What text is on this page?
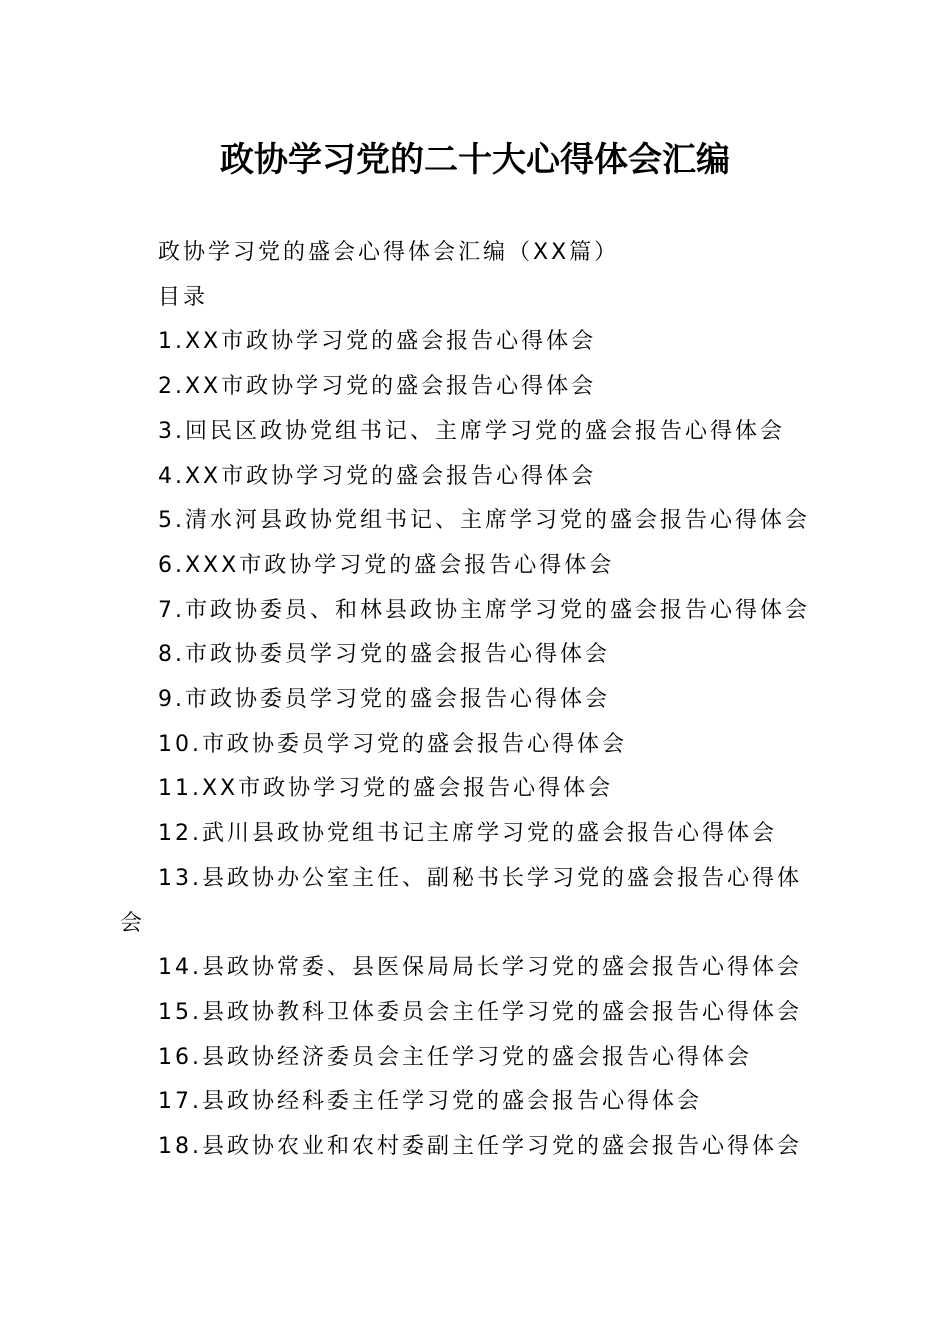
政协学习党的二十大心得体会汇编

政协学习党的盛会心得体会汇编（XX篇）

目录

1.XX市政协学习党的盛会报告心得体会

2.XX市政协学习党的盛会报告心得体会

3.回民区政协党组书记、主席学习党的盛会报告心得体会

4.XX市政协学习党的盛会报告心得体会

5.清水河县政协党组书记、主席学习党的盛会报告心得体会

6.XXX市政协学习党的盛会报告心得体会

7.市政协委员、和林县政协主席学习党的盛会报告心得体会

8.市政协委员学习党的盛会报告心得体会

9.市政协委员学习党的盛会报告心得体会

10.市政协委员学习党的盛会报告心得体会

11.XX市政协学习党的盛会报告心得体会

12.武川县政协党组书记主席学习党的盛会报告心得体会

13.县政协办公室主任、副秘书长学习党的盛会报告心得体会

14.县政协常委、县医保局局长学习党的盛会报告心得体会

15.县政协教科卫体委员会主任学习党的盛会报告心得体会

16.县政协经济委员会主任学习党的盛会报告心得体会

17.县政协经科委主任学习党的盛会报告心得体会

18.县政协农业和农村委副主任学习党的盛会报告心得体会
